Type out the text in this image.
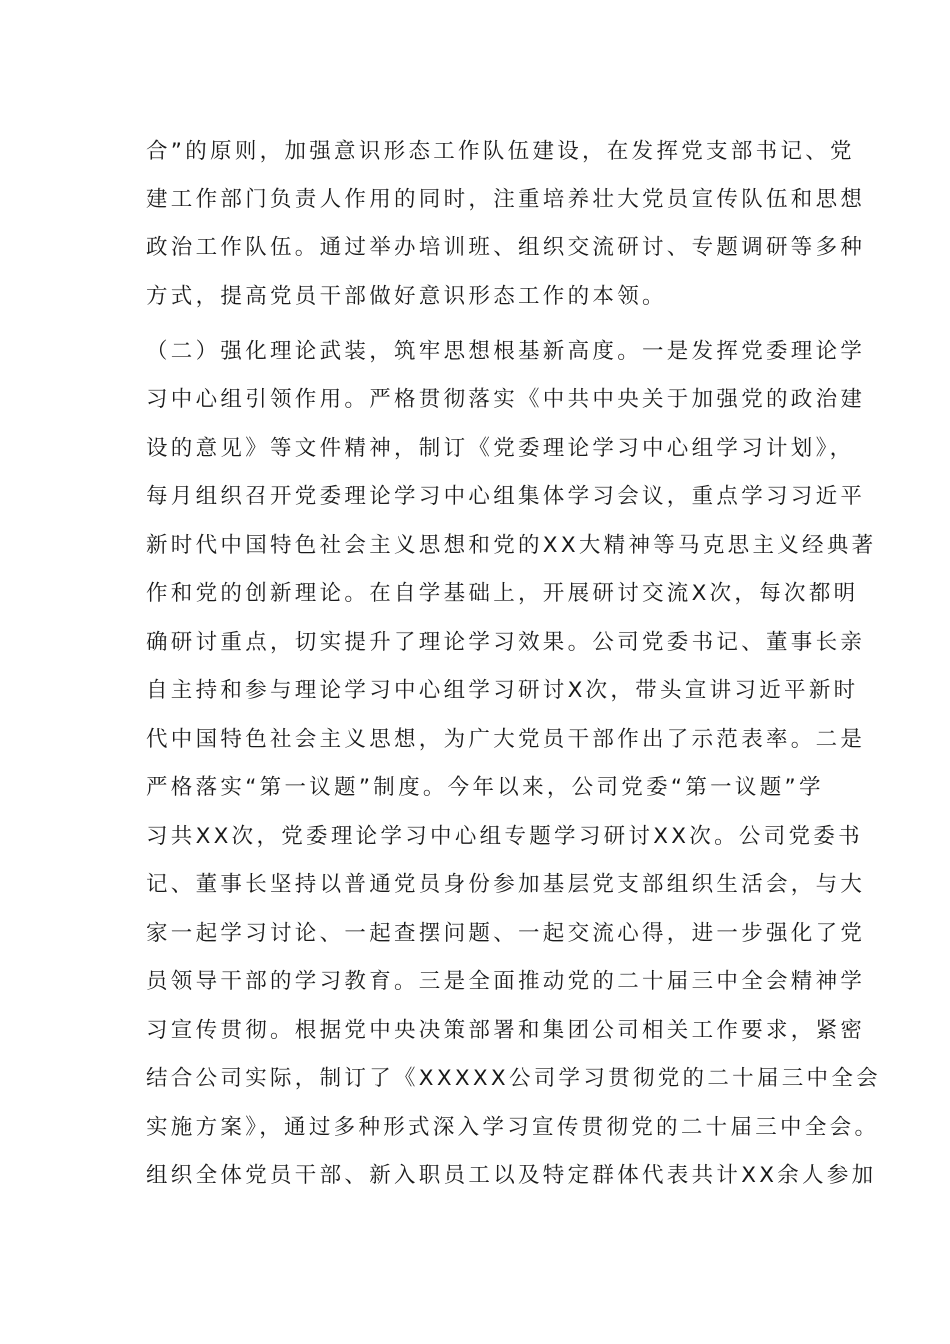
合”的原则，加强意识形态工作队伍建设，在发挥党支部书记、党
建工作部门负责人作用的同时，注重培养壮大党员宣传队伍和思想
政治工作队伍。通过举办培训班、组织交流研讨、专题调研等多种
方式，提高党员干部做好意识形态工作的本领。
（二）强化理论武装，筑牢思想根基新高度。一是发挥党委理论学
习中心组引领作用。严格贯彻落实《中共中央关于加强党的政治建
设的意见》等文件精神，制订《党委理论学习中心组学习计划》，
每月组织召开党委理论学习中心组集体学习会议，重点学习习近平
新时代中国特色社会主义思想和党的XX大精神等马克思主义经典著
作和党的创新理论。在自学基础上，开展研讨交流X次，每次都明
确研讨重点，切实提升了理论学习效果。公司党委书记、董事长亲
自主持和参与理论学习中心组学习研讨X次，带头宣讲习近平新时
代中国特色社会主义思想，为广大党员干部作出了示范表率。二是
严格落实“第一议题”制度。今年以来，公司党委“第一议题”学
习共XX次，党委理论学习中心组专题学习研讨XX次。公司党委书
记、董事长坚持以普通党员身份参加基层党支部组织生活会，与大
家一起学习讨论、一起查摆问题、一起交流心得，进一步强化了党
员领导干部的学习教育。三是全面推动党的二十届三中全会精神学
习宣传贯彻。根据党中央决策部署和集团公司相关工作要求，紧密
结合公司实际，制订了《XXXXX公司学习贯彻党的二十届三中全会
实施方案》，通过多种形式深入学习宣传贯彻党的二十届三中全会。
组织全体党员干部、新入职员工以及特定群体代表共计XX余人参加
